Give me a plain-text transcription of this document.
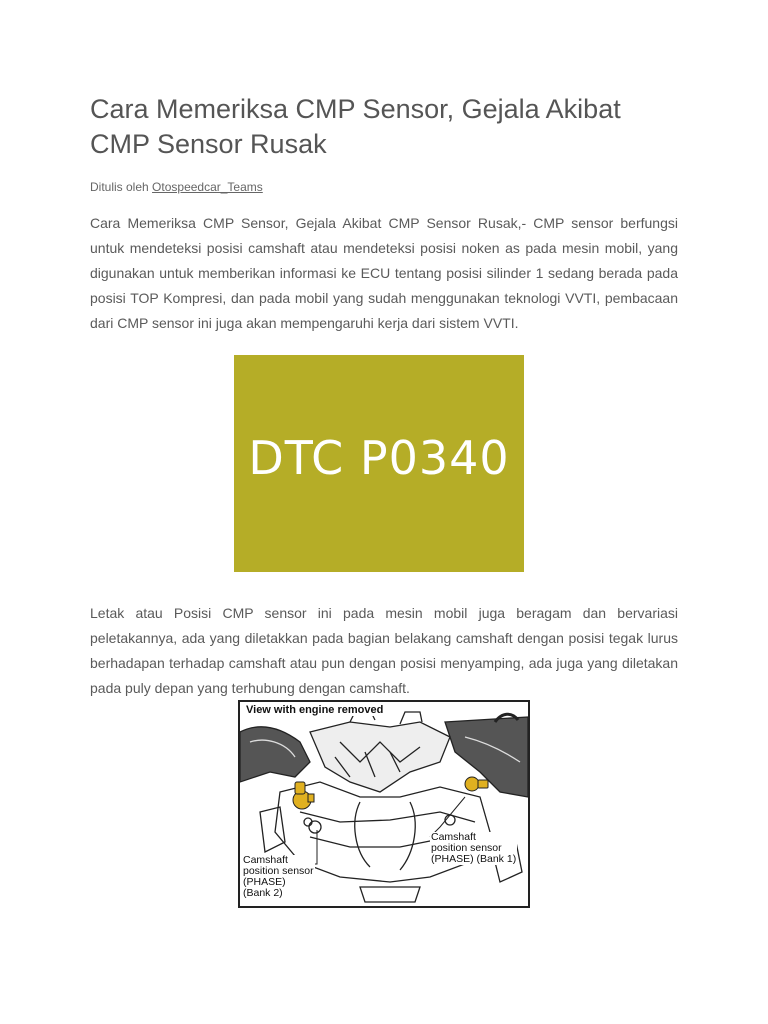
Cara Memeriksa CMP Sensor, Gejala Akibat CMP Sensor Rusak
Ditulis oleh Otospeedcar_Teams

Cara Memeriksa CMP Sensor, Gejala Akibat CMP Sensor Rusak,- CMP sensor berfungsi untuk mendeteksi posisi camshaft atau mendeteksi posisi noken as pada mesin mobil, yang digunakan untuk memberikan informasi ke ECU tentang posisi silinder 1 sedang berada pada posisi TOP Kompresi, dan pada mobil yang sudah menggunakan teknologi VVTI, pembacaan dari CMP sensor ini juga akan mempengaruhi kerja dari sistem VVTI.

DTC P0340

Letak atau Posisi CMP sensor ini pada mesin mobil juga beragam dan bervariasi peletakannya, ada yang diletakkan pada bagian belakang camshaft dengan posisi tegak lurus berhadapan terhadap camshaft atau pun dengan posisi menyamping, ada juga yang diletakan pada puly depan yang terhubung dengan camshaft.

View with engine removed
Camshaft
position sensor
(PHASE) (Bank 1)
Camshaft
position sensor
(PHASE)
(Bank 2)
